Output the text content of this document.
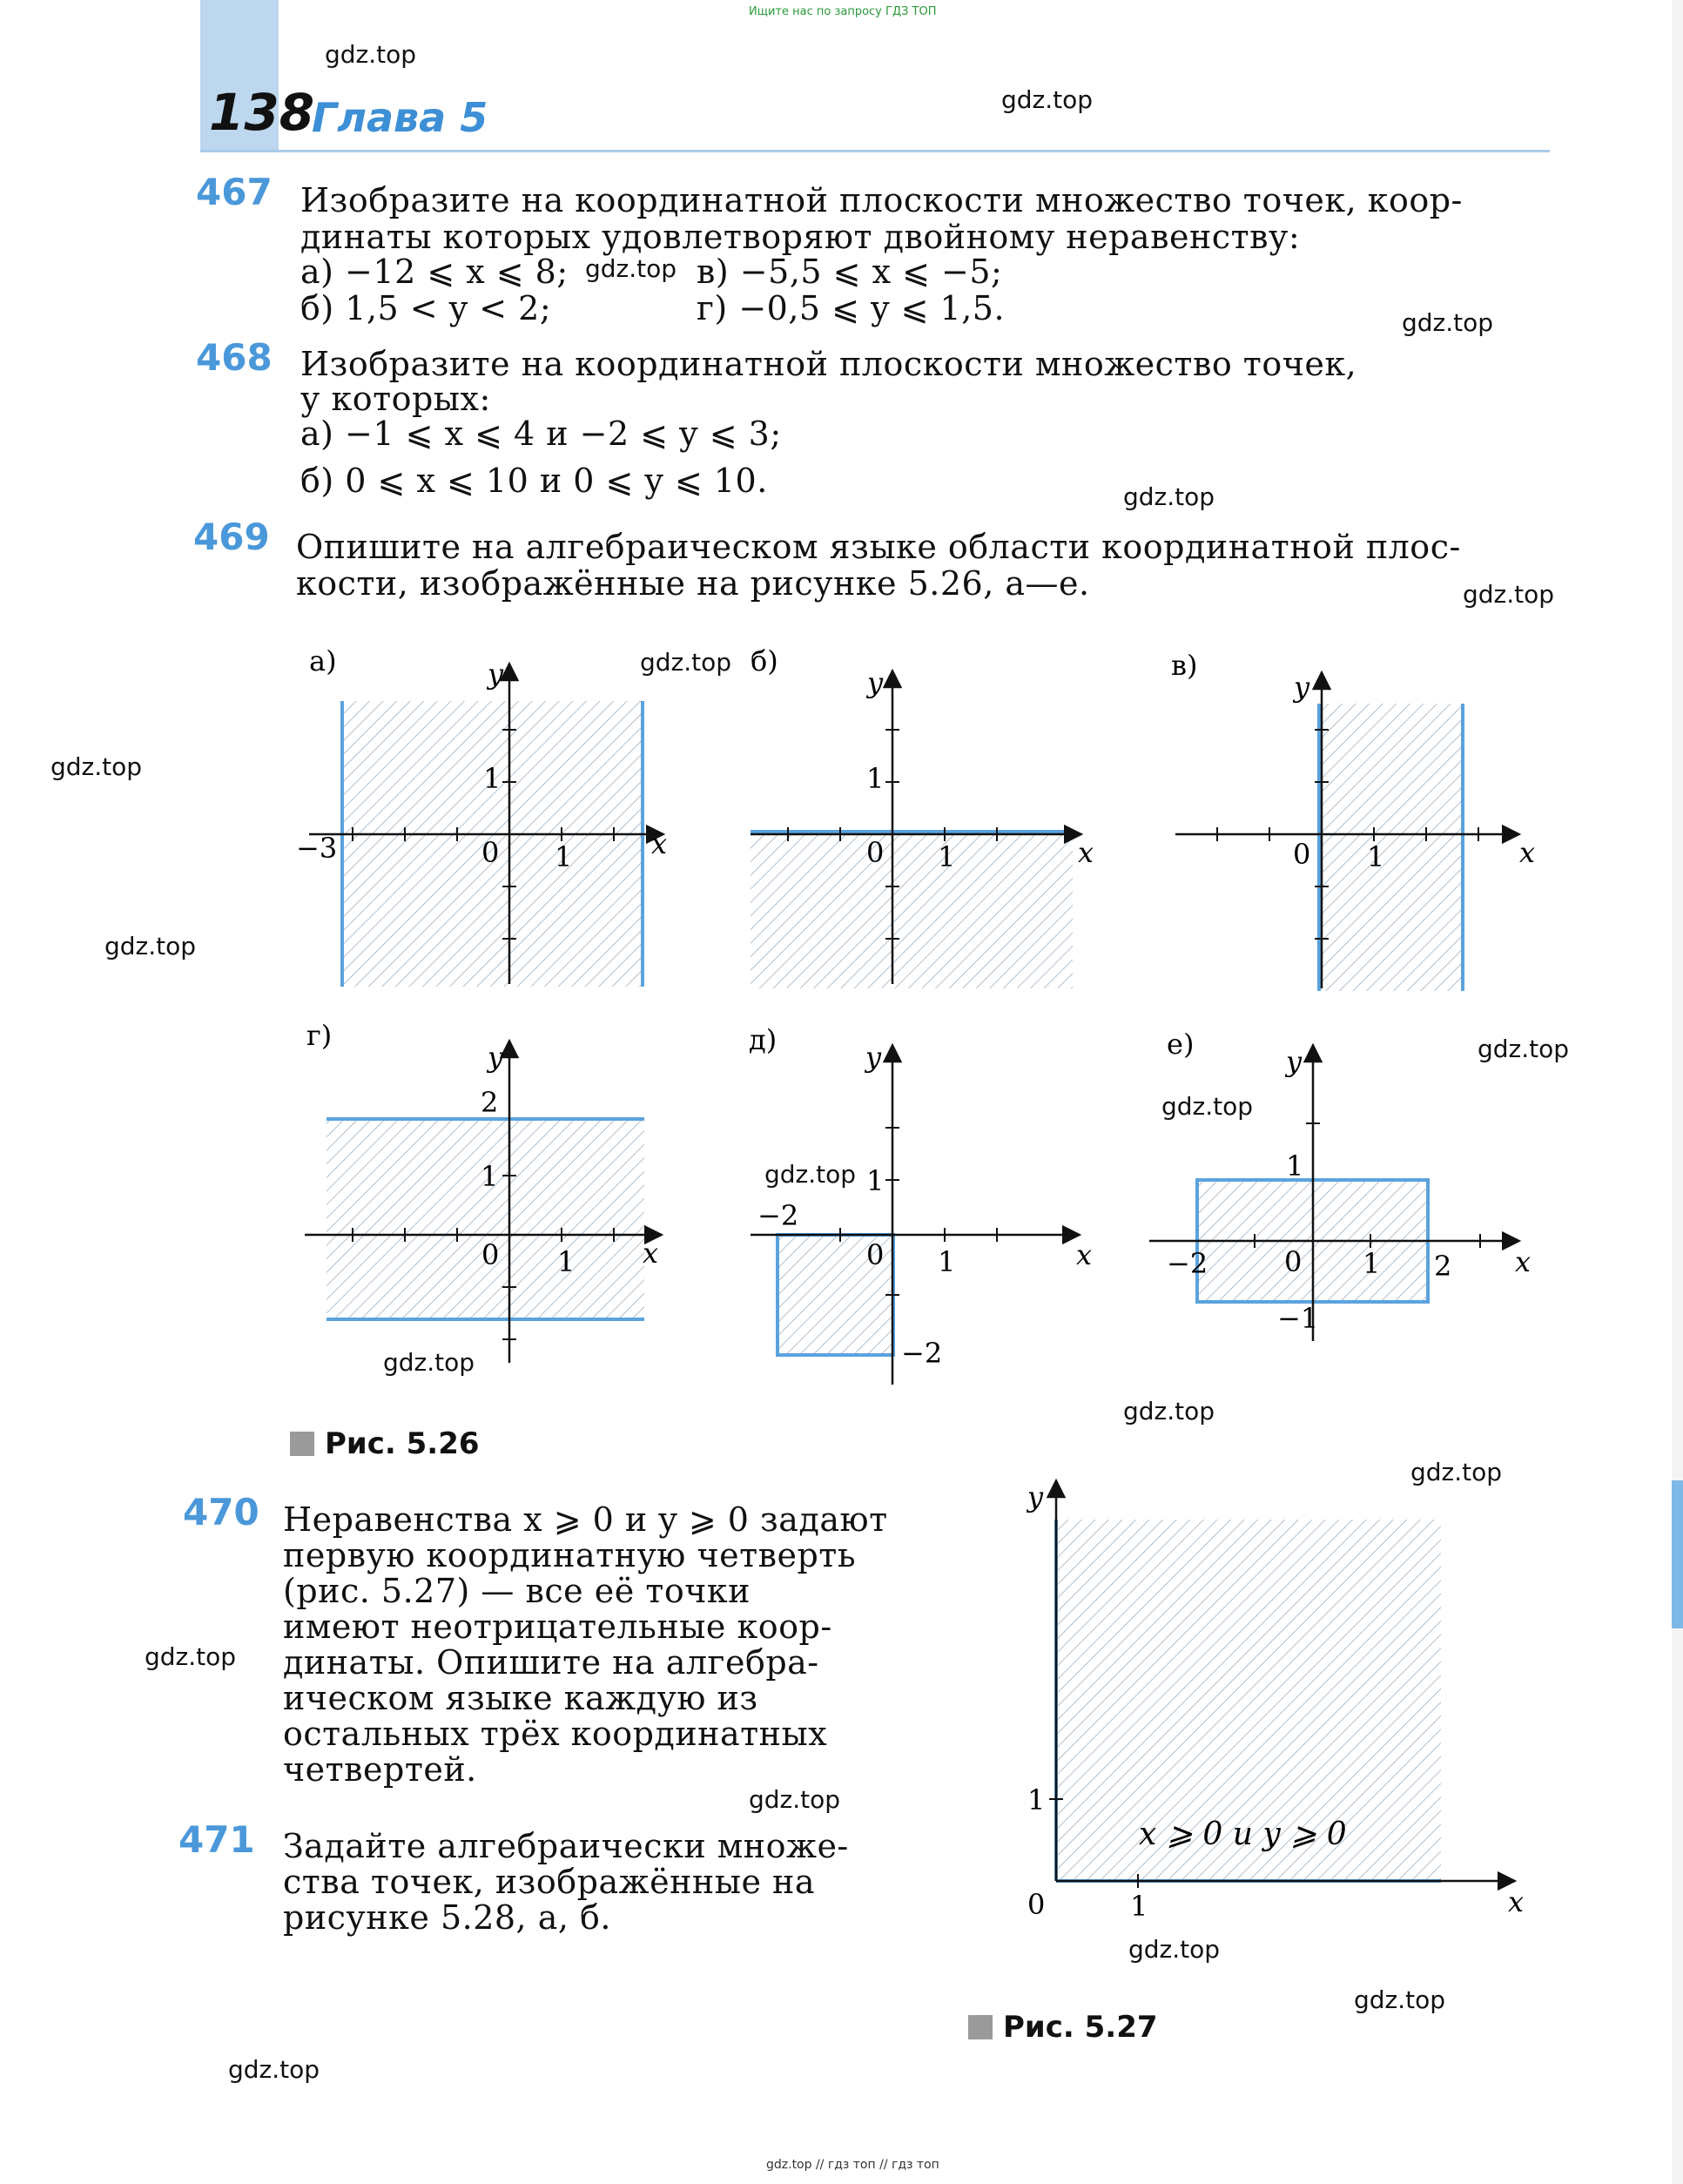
Ищите нас по запросу ГДЗ ТОП
138
Глава 5
gdz.top
gdz.top
gdz.top
gdz.top
gdz.top
gdz.top
gdz.top
gdz.top
gdz.top
gdz.top
gdz.top
gdz.top
gdz.top
gdz.top
gdz.top
gdz.top
gdz.top
gdz.top
gdz.top
gdz.top
467 Изобразите на координатной плоскости множество точек, коор-
динаты которых удовлетворяют двойному неравенству:
а) −12 ⩽ x ⩽ 8;	в) −5,5 ⩽ x ⩽ −5;
б) 1,5 < y < 2;	г) −0,5 ⩽ y ⩽ 1,5.
468 Изобразите на координатной плоскости множество точек,
у которых:
а) −1 ⩽ x ⩽ 4 и −2 ⩽ y ⩽ 3;
б) 0 ⩽ x ⩽ 10 и 0 ⩽ y ⩽ 10.
469 Опишите на алгебраическом языке области координатной плос-
кости, изображённые на рисунке 5.26, а—е.
а)	y
x
1
1
0
−3
б)
y
x
1
1
0
в)
y
x
1
0
г)
y
x
2
1
1
0
д)
y
x
1
1
0
−2
−2
е)
y
x
1
1
0
−2	2
−1
y
x
1
1
0
x ⩾ 0 и y ⩾ 0
Рис. 5.26
Рис. 5.27
470 Неравенства x ⩾ 0 и y ⩾ 0 задают
первую координатную четверть
(рис. 5.27) — все её точки
имеют неотрицательные коор-
динаты. Опишите на алгебра-
ическом языке каждую из
остальных трёх координатных
четвертей.
471 Задайте алгебраически множе-
ства точек, изображённые на
рисунке 5.28, а, б.
gdz.top // гдз топ // гдз топ
